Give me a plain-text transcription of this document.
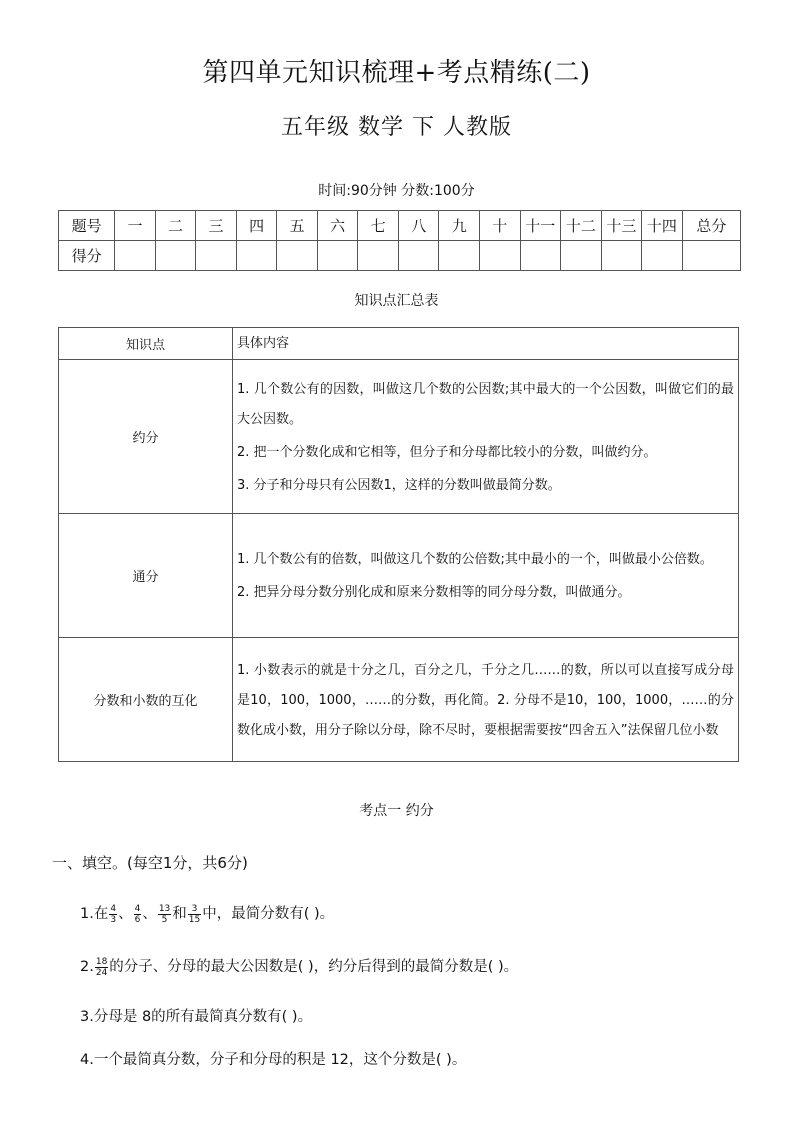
第四单元知识梳理+考点精练(二)
五年级 数学 下 人教版
时间:90分钟 分数:100分
题号	一	二	三	四	五	六	七	八	九	十	十一	十二	十三	十四	总分
得分															
知识点汇总表
知识点	具体内容
约分	1. 几个数公有的因数，叫做这几个数的公因数;其中最大的一个公因数，叫做它们的最大公因数。

2. 把一个分数化成和它相等，但分子和分母都比较小的分数，叫做约分。

3. 分子和分母只有公因数1，这样的分数叫做最简分数。

通分	1. 几个数公有的倍数，叫做这几个数的公倍数;其中最小的一个，叫做最小公倍数。

2. 把异分母分数分别化成和原来分数相等的同分母分数，叫做通分。

分数和小数的互化	1. 小数表示的就是十分之几，百分之几，千分之几……的数，所以可以直接写成分母是10，100，1000，……的分数，再化简。2. 分母不是10，100，1000，……的分数化成小数，用分子除以分母，除不尽时，要根据需要按“四舍五入”法保留几位小数

考点一 约分
一、填空。(每空1分，共6分)
1.在 $\frac{4}{3}$ 、 $\frac{4}{6}$ 、 $\frac{13}{5}$ 和 $\frac{3}{15}$ 中，最简分数有( )。
2. $\frac{18}{24}$ 的分子、分母的最大公因数是( )，约分后得到的最简分数是( )。
3.分母是 8的所有最简真分数有( )。
4.一个最简真分数，分子和分母的积是 12，这个分数是( )。
